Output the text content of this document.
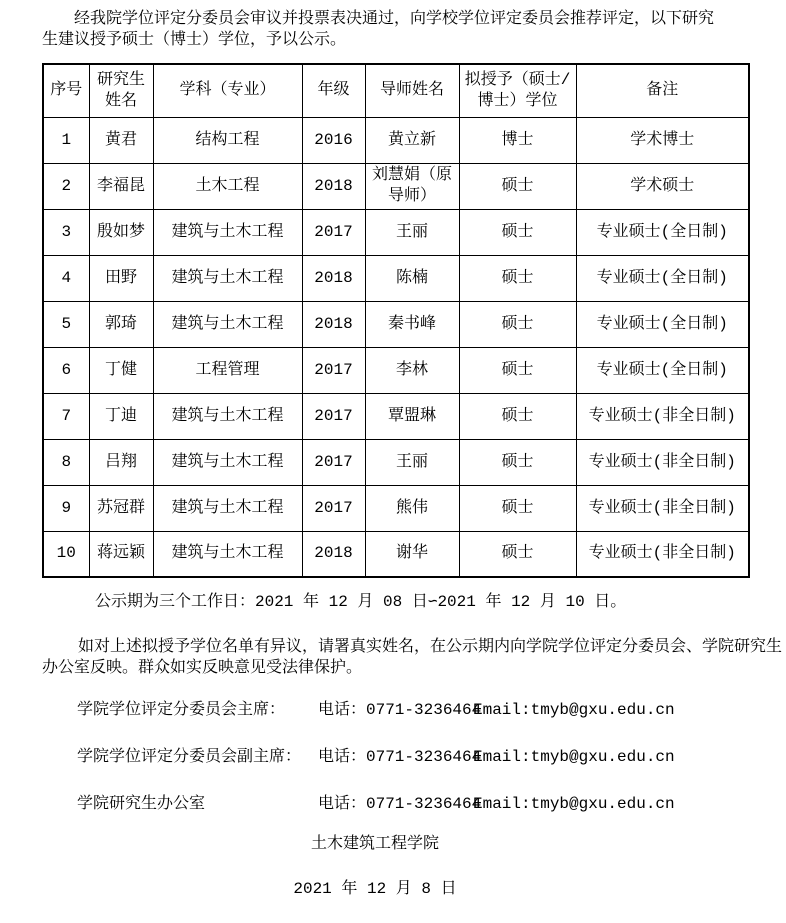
经我院学位评定分委员会审议并投票表决通过，向学校学位评定委员会推荐评定，以下研究
生建议授予硕士（博士）学位，予以公示。
序号	研究生姓名	学科（专业）	年级	导师姓名	拟授予（硕士/博士）学位	备注
1	黄君	结构工程	2016	黄立新	博士	学术博士
2	李福昆	土木工程	2018	刘慧娟（原导师）	硕士	学术硕士
3	殷如梦	建筑与土木工程	2017	王丽	硕士	专业硕士(全日制)
4	田野	建筑与土木工程	2018	陈楠	硕士	专业硕士(全日制)
5	郭琦	建筑与土木工程	2018	秦书峰	硕士	专业硕士(全日制)
6	丁健	工程管理	2017	李林	硕士	专业硕士(全日制)
7	丁迪	建筑与土木工程	2017	覃盟琳	硕士	专业硕士(非全日制)
8	吕翔	建筑与土木工程	2017	王丽	硕士	专业硕士(非全日制)
9	苏冠群	建筑与土木工程	2017	熊伟	硕士	专业硕士(非全日制)
10	蒋远颖	建筑与土木工程	2018	谢华	硕士	专业硕士(非全日制)
公示期为三个工作日：2021 年 12 月 08 日∽2021 年 12 月 10 日。
如对上述拟授予学位名单有异议，请署真实姓名，在公示期内向学院学位评定分委员会、学院研究生
办公室反映。群众如实反映意见受法律保护。
学院学位评定分委员会主席：	电话：0771-3236464
Email:tmyb@gxu.edu.cn
学院学位评定分委员会副主席：	电话：0771-3236464
Email:tmyb@gxu.edu.cn
学院研究生办公室	电话：0771-3236464
Email:tmyb@gxu.edu.cn
土木建筑工程学院
2021 年 12 月 8 日
